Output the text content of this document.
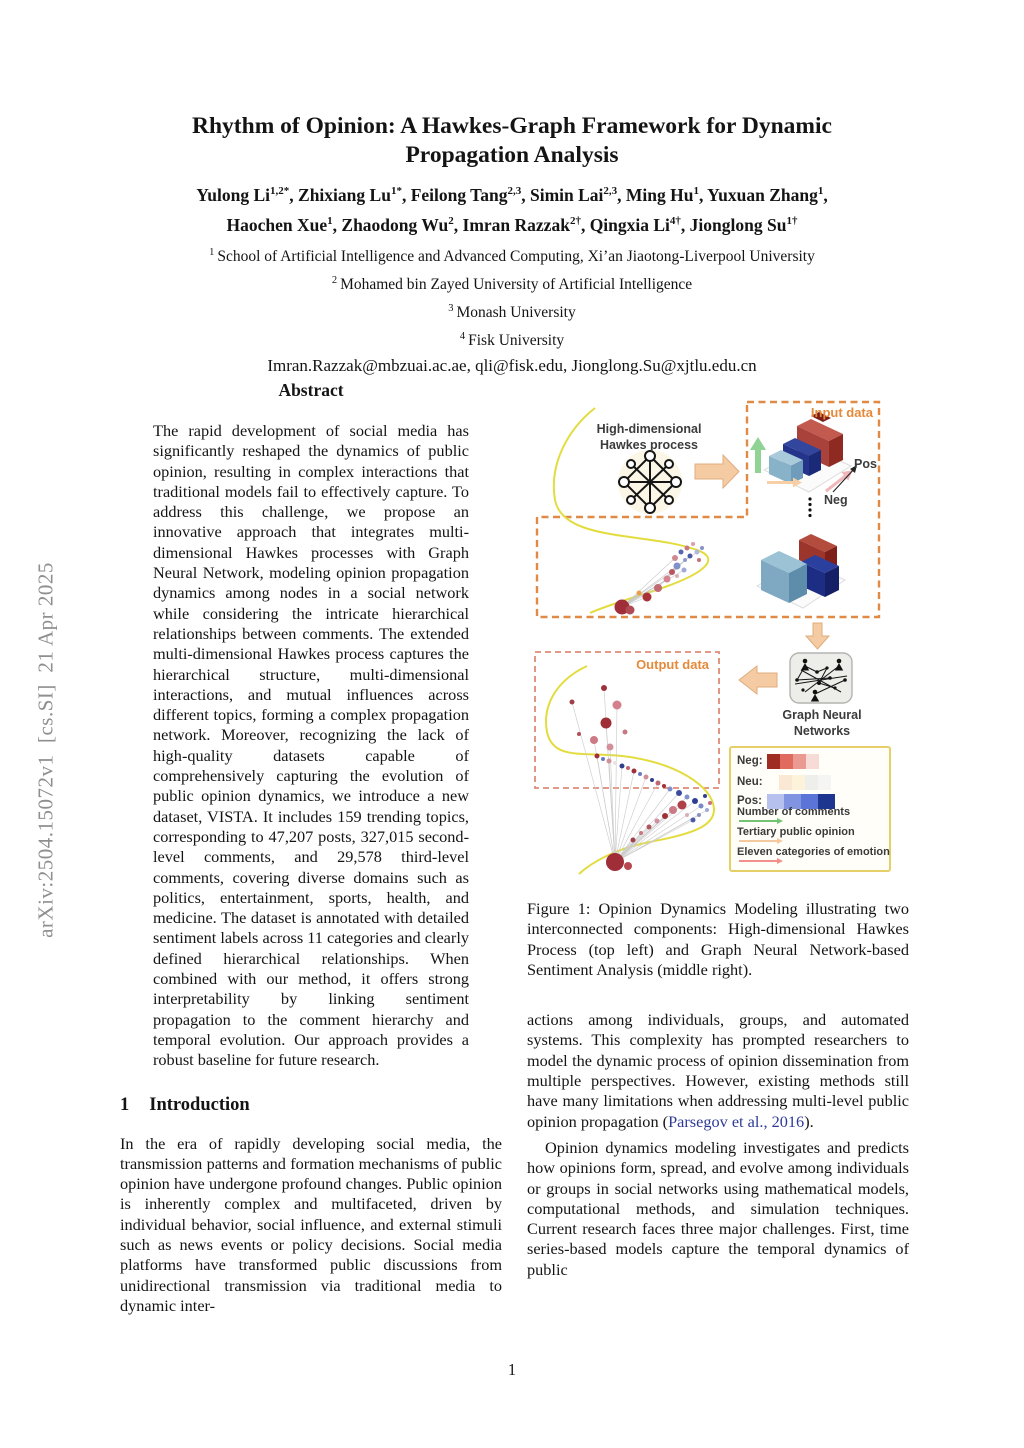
arXiv:2504.15072v1  [cs.SI]  21 Apr 2025
Rhythm of Opinion: A Hawkes-Graph Framework for Dynamic
Propagation Analysis
Yulong $Li^{1,2*}$, Zhixiang $Lu^{1*}$, Feilong Tang$^{2,3}$, Simin Lai$^{2,3}$, Ming Hu$^1$, Yuxuan Zhang$^1$,
Haochen Xue$^1$, Zhaodong Wu$^2$, Imran Razzak$^{2\dagger}$, Qingxia $Li^{4\dagger}$, Jionglong $Su^{1\dagger}$
$^1$ School of Artificial Intelligence and Advanced Computing, Xi’an Jiaotong-Liverpool University
$^2$ Mohamed bin Zayed University of Artificial Intelligence
$^3$ Monash University
$^4$ Fisk University
Imran.Razzak@mbzuai.ac.ae, qli@fisk.edu, Jionglong.Su@xjtlu.edu.cn
Abstract
The rapid development of social media has significantly reshaped the dynamics of public opinion, resulting in complex interactions that traditional models fail to effectively capture. To address this challenge, we propose an innovative approach that integrates multi-dimensional Hawkes processes with Graph Neural Network, modeling opinion propagation dynamics among nodes in a social network while considering the intricate hierarchical relationships between comments. The extended multi-dimensional Hawkes process captures the hierarchical structure, multi-dimensional interactions, and mutual influences across different topics, forming a complex propagation network. Moreover, recognizing the lack of high-quality datasets capable of comprehensively capturing the evolution of public opinion dynamics, we introduce a new dataset, VISTA. It includes 159 trending topics, corresponding to 47,207 posts, 327,015 second-level comments, and 29,578 third-level comments, covering diverse domains such as politics, entertainment, sports, health, and medicine. The dataset is annotated with detailed sentiment labels across 11 categories and clearly defined hierarchical relationships. When combined with our method, it offers strong interpretability by linking sentiment propagation to the comment hierarchy and temporal evolution. Our approach provides a robust baseline for future research.
1 Introduction
In the era of rapidly developing social media, the transmission patterns and formation mechanisms of public opinion have undergone profound changes. Public opinion is inherently complex and multifaceted, driven by individual behavior, social influence, and external stimuli such as news events or policy decisions. Social media platforms have transformed public discussions from unidirectional transmission via traditional media to dynamic inter-
High-dimensional
Hawkes process
Input data
Pos
Neg
Output data
Graph Neural
Networks
Neg:
Neu:
Pos:
Number of comments
Tertiary public opinion
Eleven categories of emotion
Figure 1: Opinion Dynamics Modeling illustrating two interconnected components: High-dimensional Hawkes Process (top left) and Graph Neural Network-based Sentiment Analysis (middle right).
actions among individuals, groups, and automated systems. This complexity has prompted researchers to model the dynamic process of opinion dissemination from multiple perspectives. However, existing methods still have many limitations when addressing multi-level public opinion propagation (Parsegov et al., 2016).
Opinion dynamics modeling investigates and predicts how opinions form, spread, and evolve among individuals or groups in social networks using mathematical models, computational methods, and simulation techniques. Current research faces three major challenges. First, time series-based models capture the temporal dynamics of public
1
